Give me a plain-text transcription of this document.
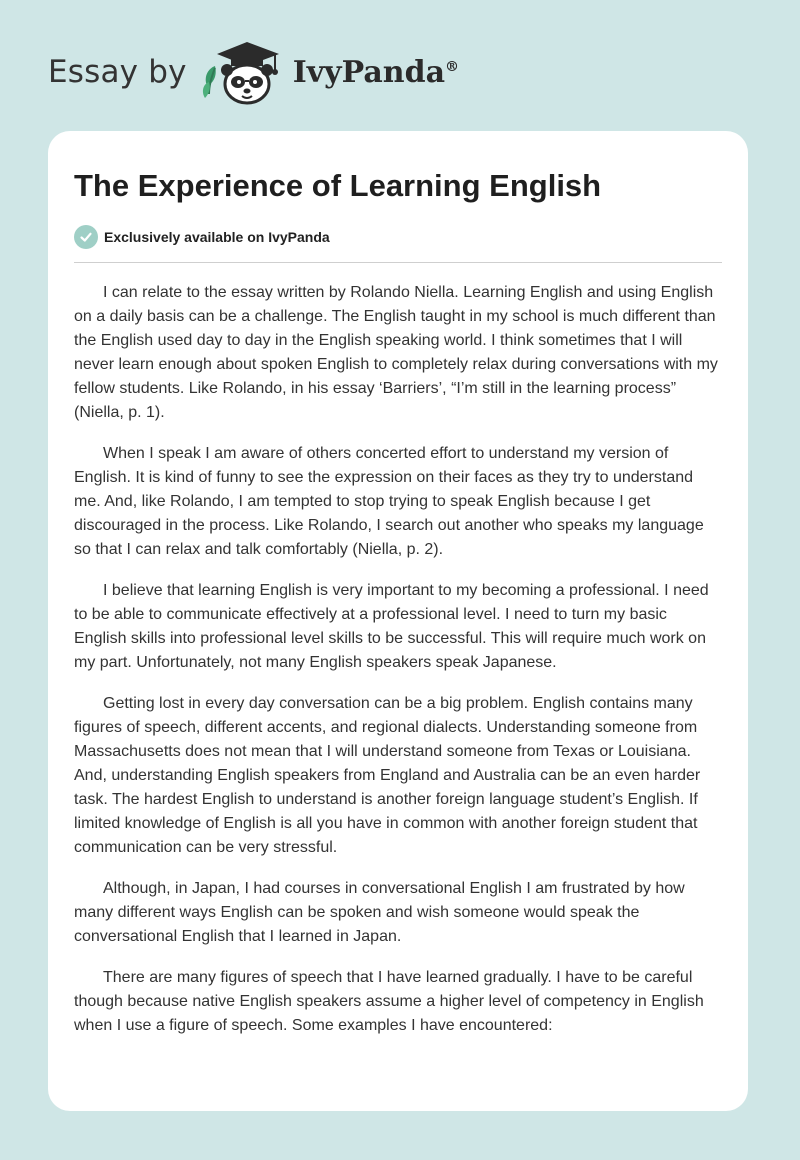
Essay by	IvyPanda®
The Experience of Learning English
Exclusively available on IvyPanda

I can relate to the essay written by Rolando Niella. Learning English and using English on a daily basis can be a challenge. The English taught in my school is much different than the English used day to day in the English speaking world. I think sometimes that I will never learn enough about spoken English to completely relax during conversations with my fellow students. Like Rolando, in his essay ‘Barriers’, “I’m still in the learning process” (Niella, p. 1).

When I speak I am aware of others concerted effort to understand my version of English. It is kind of funny to see the expression on their faces as they try to understand me. And, like Rolando, I am tempted to stop trying to speak English because I get discouraged in the process. Like Rolando, I search out another who speaks my language so that I can relax and talk comfortably (Niella, p. 2).

I believe that learning English is very important to my becoming a professional. I need to be able to communicate effectively at a professional level. I need to turn my basic English skills into professional level skills to be successful. This will require much work on my part. Unfortunately, not many English speakers speak Japanese.

Getting lost in every day conversation can be a big problem. English contains many figures of speech, different accents, and regional dialects. Understanding someone from Massachusetts does not mean that I will understand someone from Texas or Louisiana. And, understanding English speakers from England and Australia can be an even harder task. The hardest English to understand is another foreign language student’s English. If limited knowledge of English is all you have in common with another foreign student that communication can be very stressful.

Although, in Japan, I had courses in conversational English I am frustrated by how many different ways English can be spoken and wish someone would speak the conversational English that I learned in Japan.

There are many figures of speech that I have learned gradually. I have to be careful though because native English speakers assume a higher level of competency in English when I use a figure of speech. Some examples I have encountered:
